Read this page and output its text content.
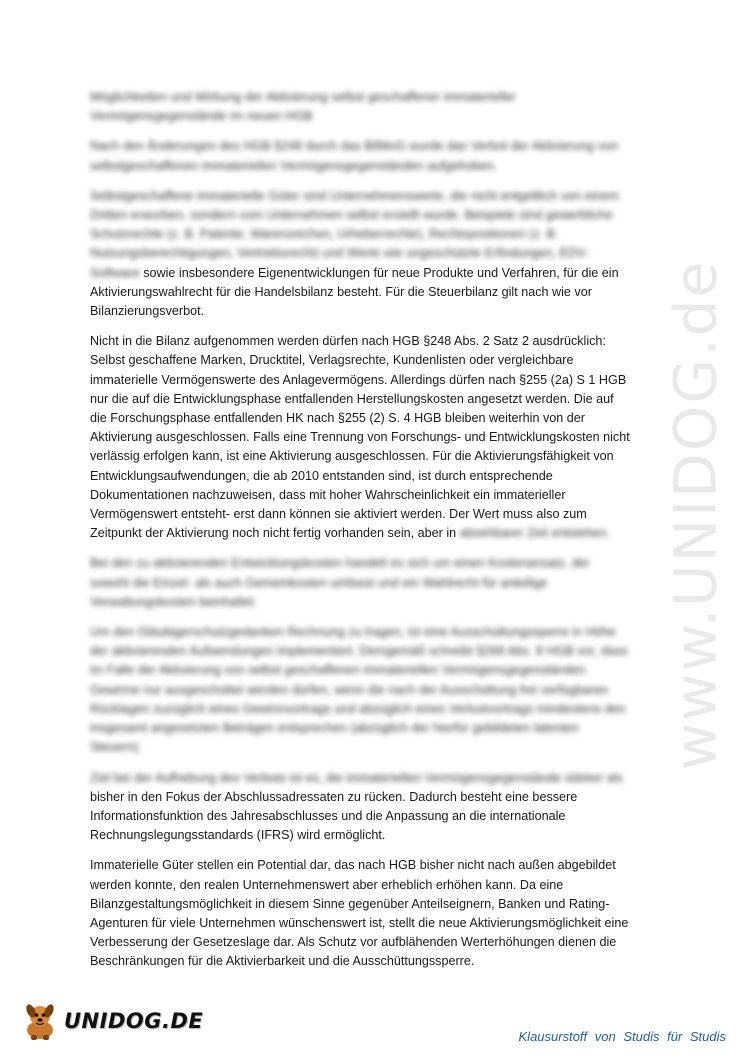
www.UNIDOG.de

Möglichkeiten und Wirkung der Aktivierung selbst geschaffener immaterieller Vermögensgegenstände im neuen HGB

Nach den Änderungen des HGB §248 durch das BilMoG wurde das Verbot der Aktivierung von selbstgeschaffenen immateriellen Vermögensgegenständen aufgehoben.

Selbstgeschaffene immaterielle Güter sind Unternehmenswerte, die nicht entgeltlich von einem Dritten erworben, sondern vom Unternehmen selbst erstellt wurde. Beispiele sind gewerbliche Schutzrechte (z. B. Patente, Warenzeichen, Urheberrechte), Rechtspositionen (z. B. Nutzungsberechtigungen, Vertriebsrecht) und Werte wie ungeschützte Erfindungen, EDV-Software sowie insbesondere Eigenentwicklungen für neue Produkte und Verfahren, für die ein Aktivierungswahlrecht für die Handelsbilanz besteht. Für die Steuerbilanz gilt nach wie vor Bilanzierungsverbot.

Nicht in die Bilanz aufgenommen werden dürfen nach HGB §248 Abs. 2 Satz 2 ausdrücklich: Selbst geschaffene Marken, Drucktitel, Verlagsrechte, Kundenlisten oder vergleichbare immaterielle Vermögenswerte des Anlagevermögens. Allerdings dürfen nach §255 (2a) S 1 HGB nur die auf die Entwicklungsphase entfallenden Herstellungskosten angesetzt werden. Die auf die Forschungsphase entfallenden HK nach §255 (2) S. 4 HGB bleiben weiterhin von der Aktivierung ausgeschlossen. Falls eine Trennung von Forschungs- und Entwicklungskosten nicht verlässig erfolgen kann, ist eine Aktivierung ausgeschlossen. Für die Aktivierungsfähigkeit von Entwicklungsaufwendungen, die ab 2010 entstanden sind, ist durch entsprechende Dokumentationen nachzuweisen, dass mit hoher Wahrscheinlichkeit ein immaterieller Vermögenswert entsteht- erst dann können sie aktiviert werden. Der Wert muss also zum Zeitpunkt der Aktivierung noch nicht fertig vorhanden sein, aber in absehbarer Zeit entstehen.

Bei den zu aktivierenden Entwicklungskosten handelt es sich um einen Kostenansatz, der sowohl die Einzel- als auch Gemeinkosten umfasst und ein Wahlrecht für anteilige Verwaltungskosten beinhaltet.

Um den Gläubigerschutzgedanken Rechnung zu tragen, ist eine Ausschüttungssperre in Höhe der aktivierenden Aufwendungen implementiert. Demgemäß schreibt §268 Abs. 8 HGB vor, dass im Falle der Aktivierung von selbst geschaffenen immateriellen Vermögensgegenständen Gewinne nur ausgeschüttet werden dürfen, wenn die nach der Ausschüttung frei verfügbaren Rücklagen zuzüglich eines Gewinnvortrags und abzüglich eines Verlustvortrags mindestens den insgesamt angesetzten Beträgen entsprechen (abzüglich der hierfür gebildeten latenten Steuern).

Ziel bei der Aufhebung des Verbots ist es, die immateriellen Vermögensgegenstände stärker als bisher in den Fokus der Abschlussadressaten zu rücken. Dadurch besteht eine bessere Informationsfunktion des Jahresabschlusses und die Anpassung an die internationale Rechnungslegungsstandards (IFRS) wird ermöglicht.

Immaterielle Güter stellen ein Potential dar, das nach HGB bisher nicht nach außen abgebildet werden konnte, den realen Unternehmenswert aber erheblich erhöhen kann. Da eine Bilanzgestaltungsmöglichkeit in diesem Sinne gegenüber Anteilseignern, Banken und Rating-Agenturen für viele Unternehmen wünschenswert ist, stellt die neue Aktivierungsmöglichkeit eine Verbesserung der Gesetzeslage dar. Als Schutz vor aufblähenden Werterhöhungen dienen die Beschränkungen für die Aktivierbarkeit und die Ausschüttungssperre.

UNIDOG.DE
Klausurstoff von Studis für Studis
